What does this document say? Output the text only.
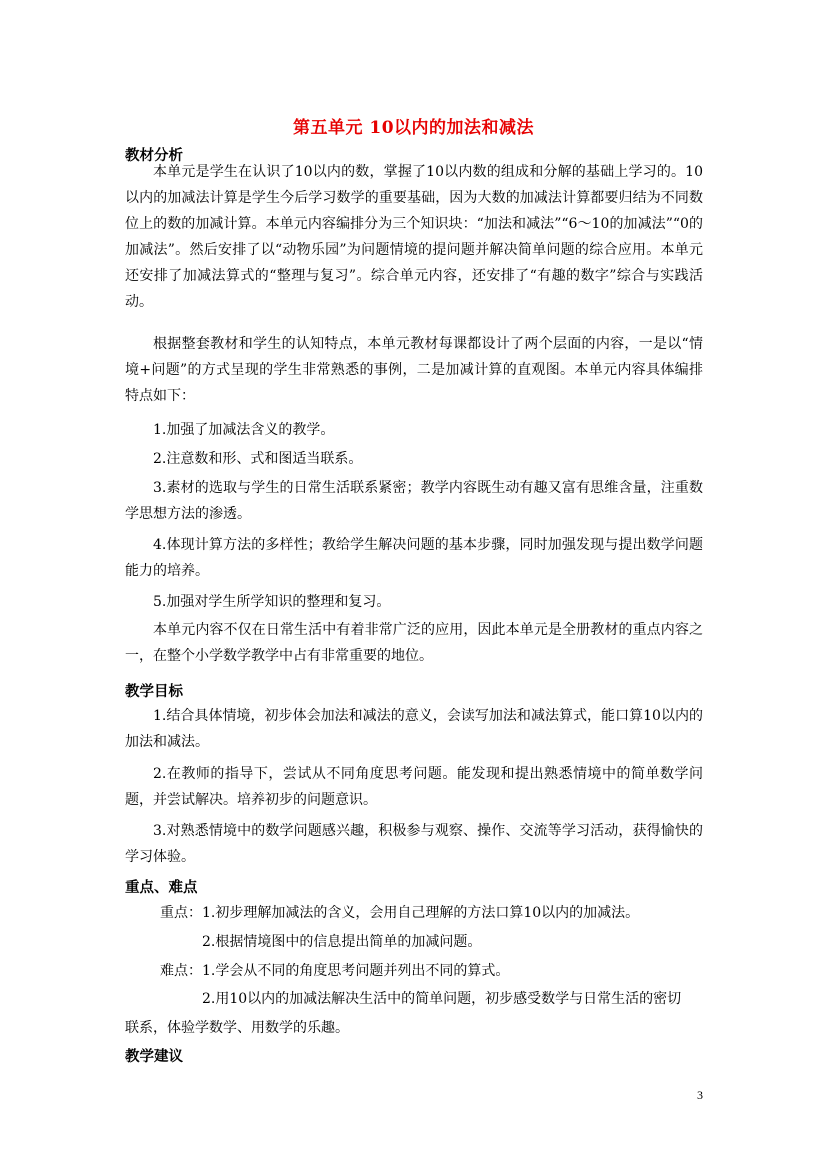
第五单元 10以内的加法和减法
教材分析
本单元是学生在认识了10以内的数，掌握了10以内数的组成和分解的基础上学习的。10以内的加减法计算是学生今后学习数学的重要基础，因为大数的加减法计算都要归结为不同数位上的数的加减计算。本单元内容编排分为三个知识块：“加法和减法”“6～10的加减法”“0的加减法”。然后安排了以“动物乐园”为问题情境的提问题并解决简单问题的综合应用。本单元还安排了加减法算式的“整理与复习”。综合单元内容，还安排了“有趣的数字”综合与实践活动。
根据整套教材和学生的认知特点，本单元教材每课都设计了两个层面的内容，一是以“情境+问题”的方式呈现的学生非常熟悉的事例，二是加减计算的直观图。本单元内容具体编排特点如下：
1.加强了加减法含义的教学。
2.注意数和形、式和图适当联系。
3.素材的选取与学生的日常生活联系紧密；教学内容既生动有趣又富有思维含量，注重数学思想方法的渗透。
4.体现计算方法的多样性；教给学生解决问题的基本步骤，同时加强发现与提出数学问题能力的培养。
5.加强对学生所学知识的整理和复习。
本单元内容不仅在日常生活中有着非常广泛的应用，因此本单元是全册教材的重点内容之一，在整个小学数学教学中占有非常重要的地位。
教学目标
1.结合具体情境，初步体会加法和减法的意义，会读写加法和减法算式，能口算10以内的加法和减法。
2.在教师的指导下，尝试从不同角度思考问题。能发现和提出熟悉情境中的简单数学问题，并尝试解决。培养初步的问题意识。
3.对熟悉情境中的数学问题感兴趣，积极参与观察、操作、交流等学习活动，获得愉快的学习体验。
重点、难点
重点：1.初步理解加减法的含义，会用自己理解的方法口算10以内的加减法。
2.根据情境图中的信息提出简单的加减问题。
难点：1.学会从不同的角度思考问题并列出不同的算式。
2.用10以内的加减法解决生活中的简单问题，初步感受数学与日常生活的密切
联系，体验学数学、用数学的乐趣。
教学建议
3
